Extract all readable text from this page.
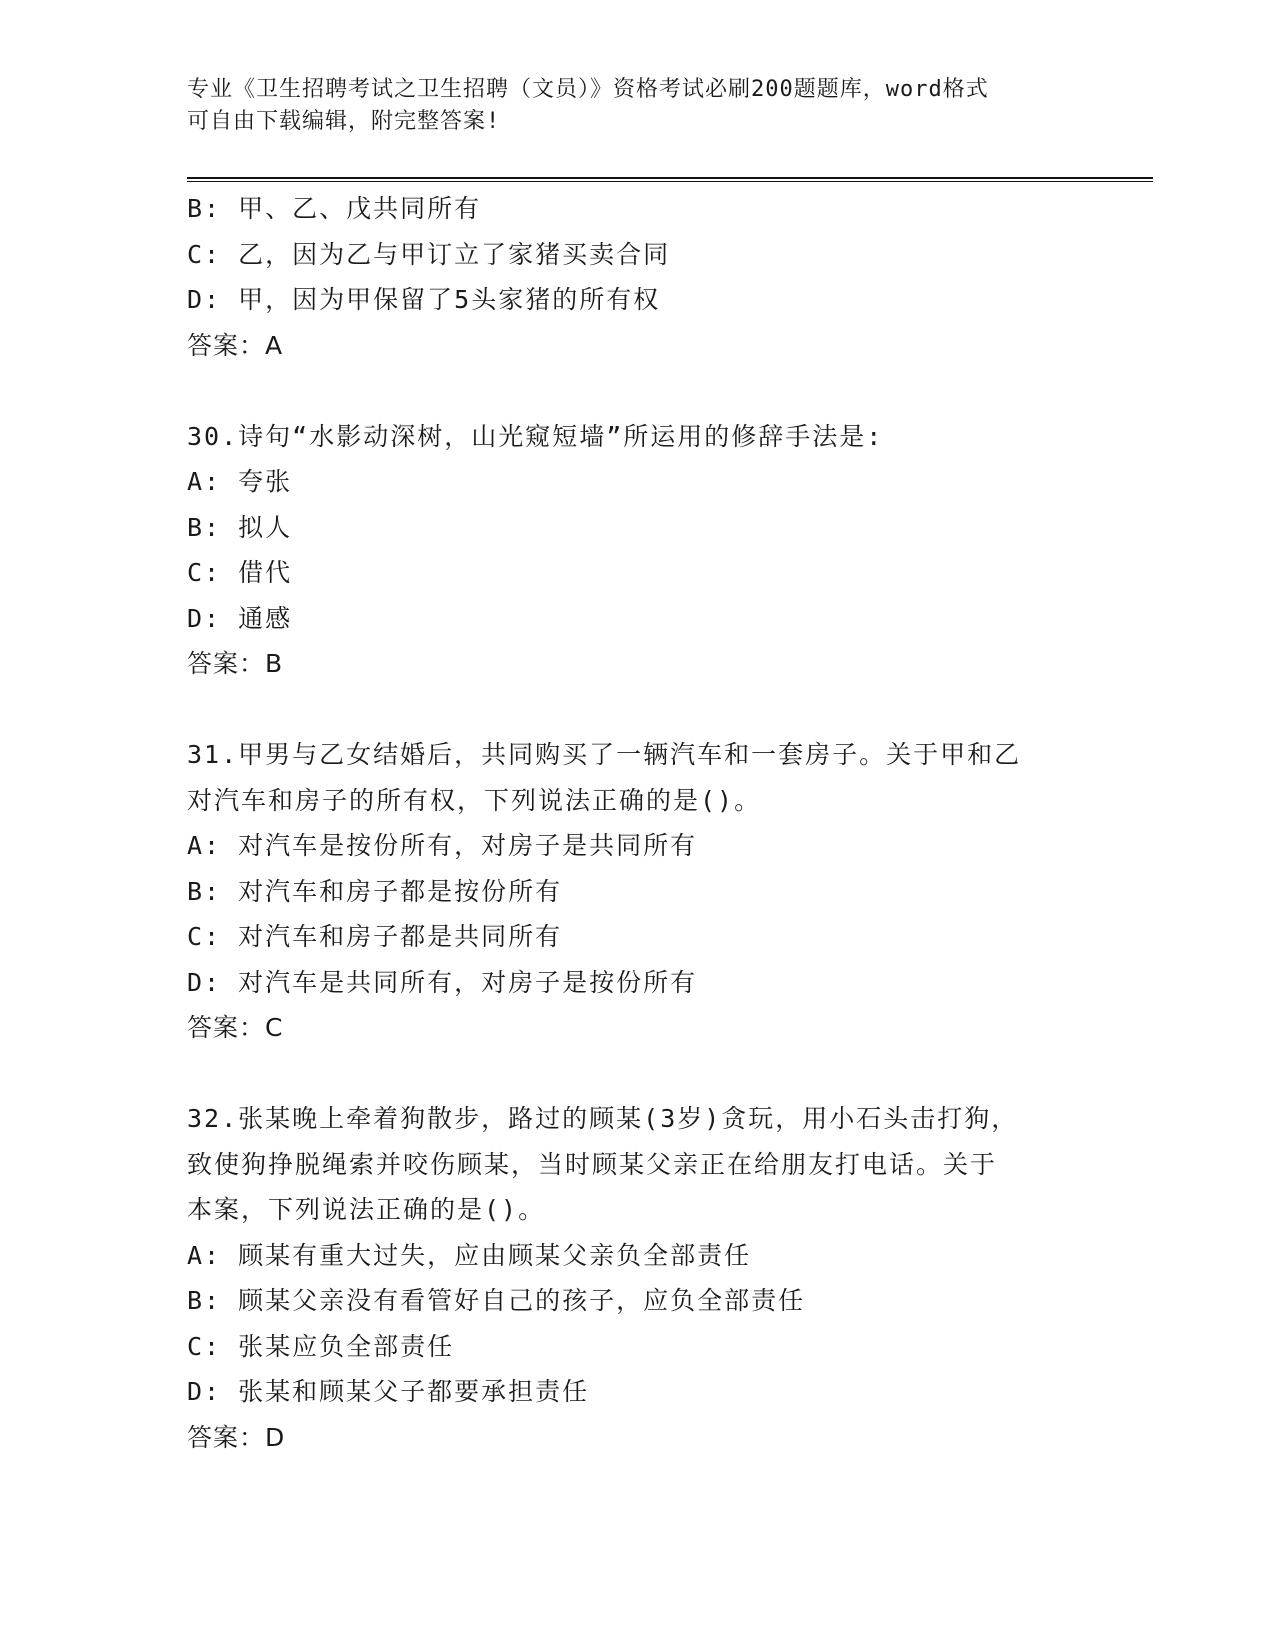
专业《卫生招聘考试之卫生招聘（文员）》资格考试必刷200题题库，word格式
可自由下载编辑，附完整答案!
B: 甲、乙、戊共同所有
C: 乙，因为乙与甲订立了家猪买卖合同
D: 甲，因为甲保留了5头家猪的所有权
答案：A
30.诗句“水影动深树，山光窥短墙”所运用的修辞手法是:
A: 夸张
B: 拟人
C: 借代
D: 通感
答案：B
31.甲男与乙女结婚后，共同购买了一辆汽车和一套房子。关于甲和乙
对汽车和房子的所有权，下列说法正确的是()。
A: 对汽车是按份所有，对房子是共同所有
B: 对汽车和房子都是按份所有
C: 对汽车和房子都是共同所有
D: 对汽车是共同所有，对房子是按份所有
答案：C
32.张某晚上牵着狗散步，路过的顾某(3岁)贪玩，用小石头击打狗，
致使狗挣脱绳索并咬伤顾某，当时顾某父亲正在给朋友打电话。关于
本案，下列说法正确的是()。
A: 顾某有重大过失，应由顾某父亲负全部责任
B: 顾某父亲没有看管好自己的孩子，应负全部责任
C: 张某应负全部责任
D: 张某和顾某父子都要承担责任
答案：D
